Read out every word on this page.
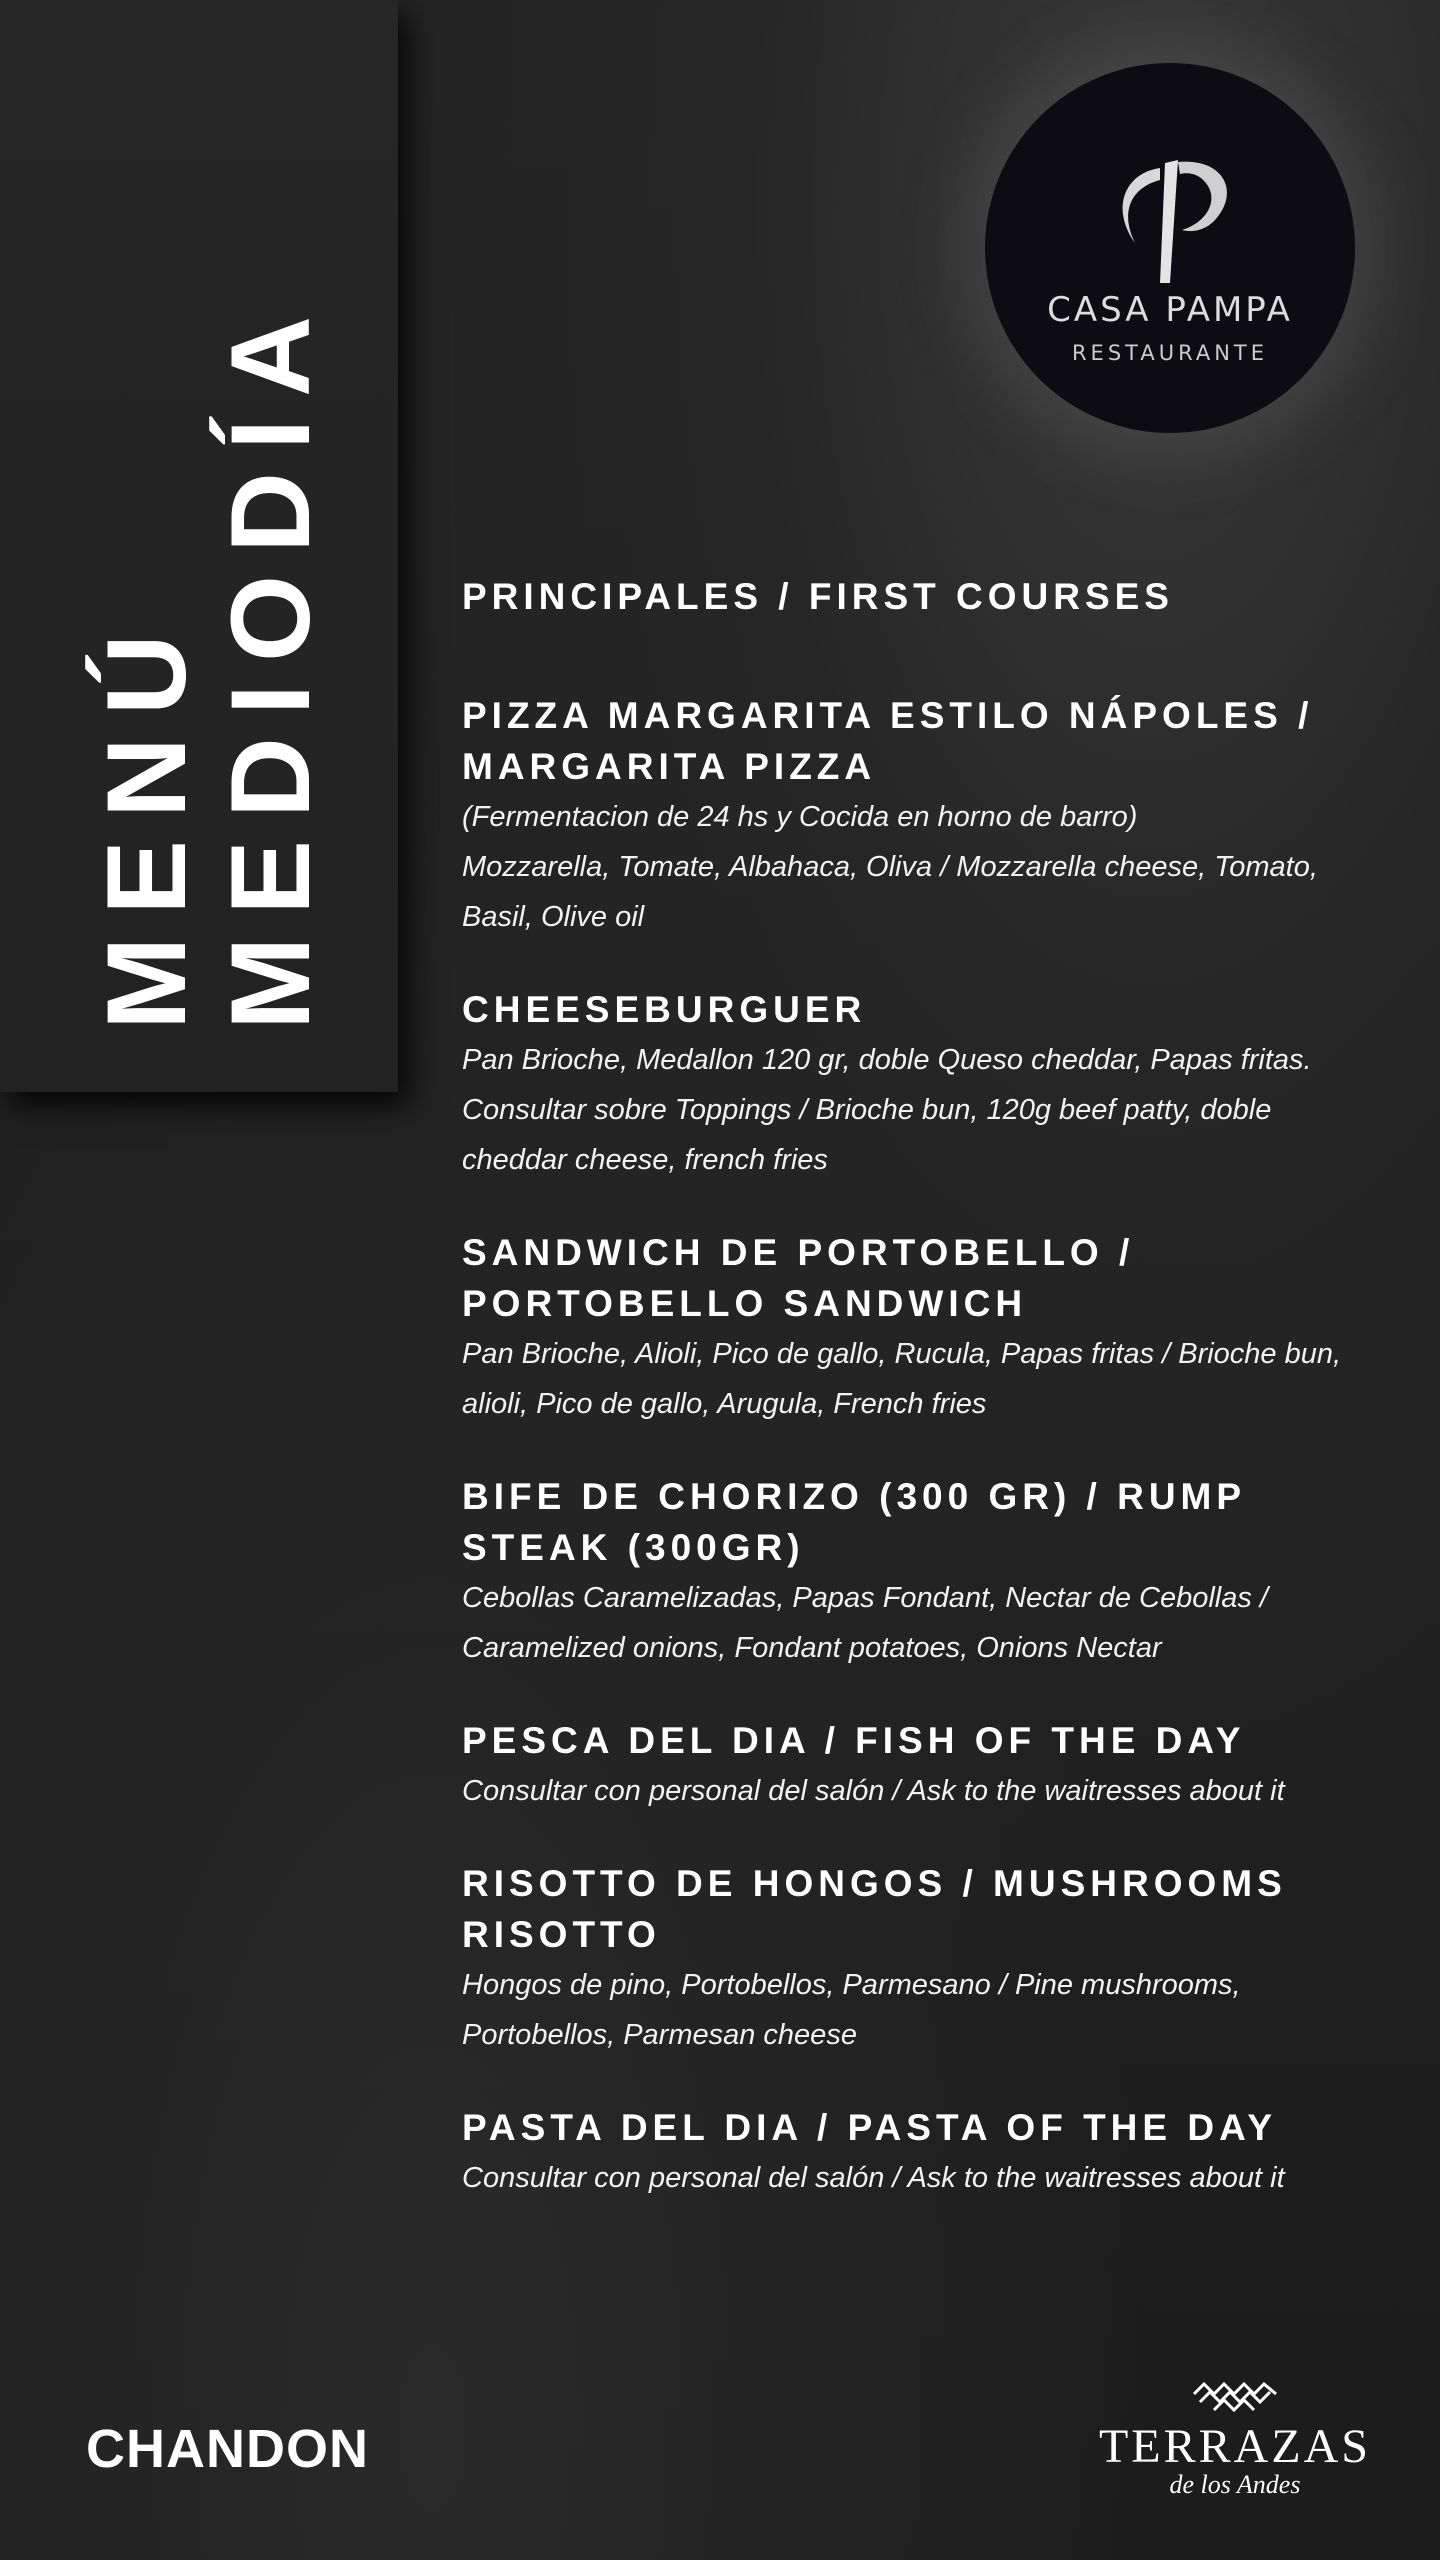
MENÚ MEDIODÍA	CASA PAMPA
RESTAURANTE
PRINCIPALES / FIRST COURSES

PIZZA MARGARITA ESTILO NÁPOLES / MARGARITA PIZZA

(Fermentacion de 24 hs y Cocida en horno de barro)

Mozzarella, Tomate, Albahaca, Oliva / Mozzarella cheese, Tomato, Basil, Olive oil

CHEESEBURGUER

Pan Brioche, Medallon 120 gr, doble Queso cheddar, Papas fritas. Consultar sobre Toppings / Brioche bun, 120g beef patty, doble cheddar cheese, french fries

SANDWICH DE PORTOBELLO / PORTOBELLO SANDWICH

Pan Brioche, Alioli, Pico de gallo, Rucula, Papas fritas / Brioche bun, alioli, Pico de gallo, Arugula, French fries

BIFE DE CHORIZO (300 GR) / RUMP STEAK (300GR)

Cebollas Caramelizadas, Papas Fondant, Nectar de Cebollas / Caramelized onions, Fondant potatoes, Onions Nectar

PESCA DEL DIA / FISH OF THE DAY

Consultar con personal del salón / Ask to the waitresses about it

RISOTTO DE HONGOS / MUSHROOMS RISOTTO

Hongos de pino, Portobellos, Parmesano / Pine mushrooms, Portobellos, Parmesan cheese

PASTA DEL DIA / PASTA OF THE DAY

Consultar con personal del salón / Ask to the waitresses about it

CHANDON	TERRAZAS
de los Andes
